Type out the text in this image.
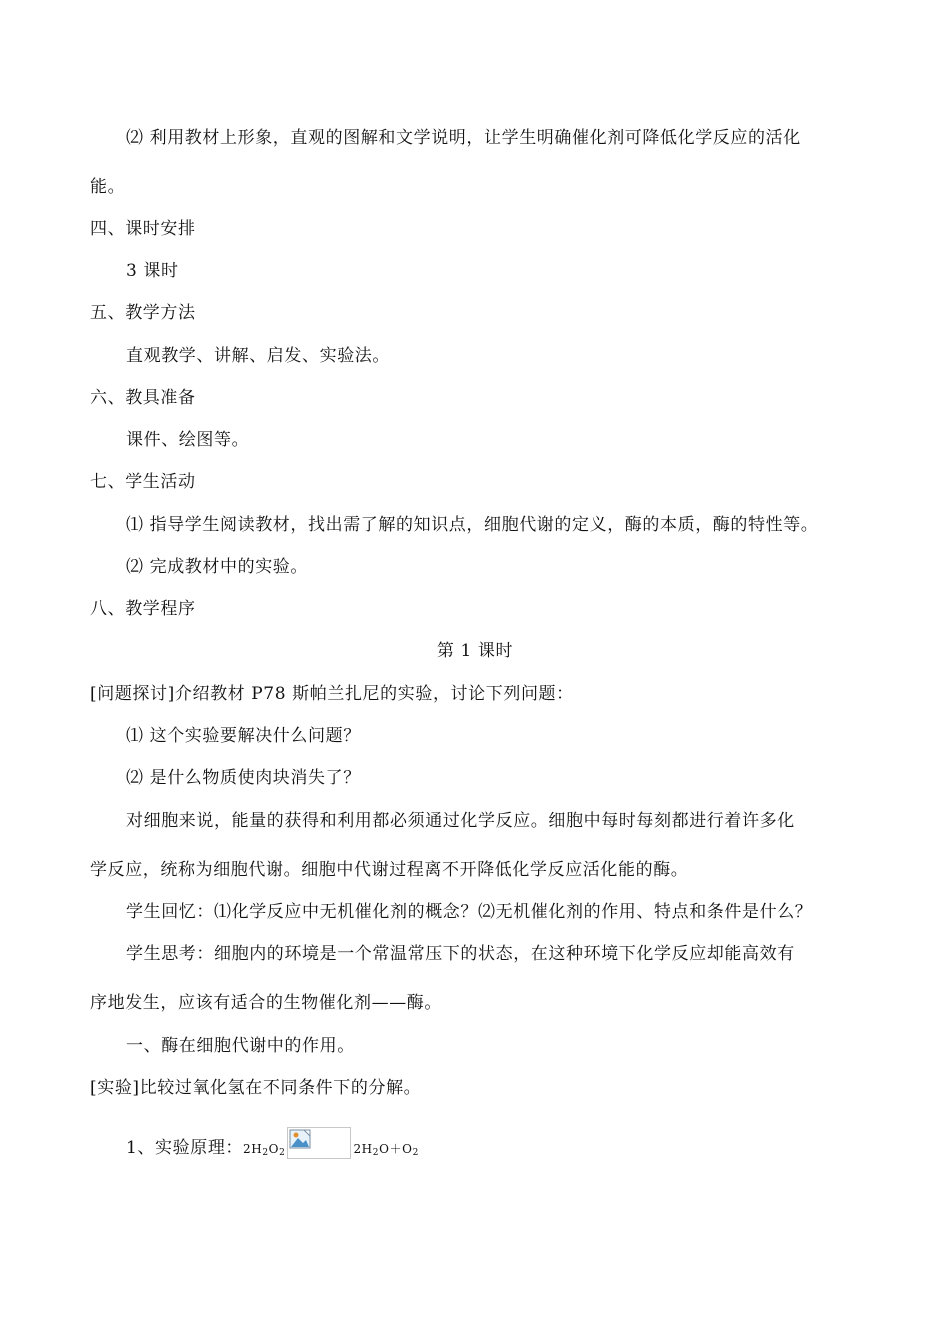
⑵ 利用教材上形象，直观的图解和文学说明，让学生明确催化剂可降低化学反应的活化
能。
四、课时安排
3 课时
五、教学方法
直观教学、讲解、启发、实验法。
六、教具准备
课件、绘图等。
七、学生活动
⑴ 指导学生阅读教材，找出需了解的知识点，细胞代谢的定义，酶的本质，酶的特性等。
⑵ 完成教材中的实验。
八、教学程序
第 1 课时
[问题探讨]介绍教材 P78 斯帕兰扎尼的实验，讨论下列问题：
⑴ 这个实验要解决什么问题？
⑵ 是什么物质使肉块消失了？
对细胞来说，能量的获得和利用都必须通过化学反应。细胞中每时每刻都进行着许多化
学反应，统称为细胞代谢。细胞中代谢过程离不开降低化学反应活化能的酶。
学生回忆：⑴化学反应中无机催化剂的概念？⑵无机催化剂的作用、特点和条件是什么？
学生思考：细胞内的环境是一个常温常压下的状态，在这种环境下化学反应却能高效有
序地发生，应该有适合的生物催化剂——酶。
一、酶在细胞代谢中的作用。
[实验]比较过氧化氢在不同条件下的分解。
1、实验原理：$2H_2O_2$	$2H_2O+O_2$
